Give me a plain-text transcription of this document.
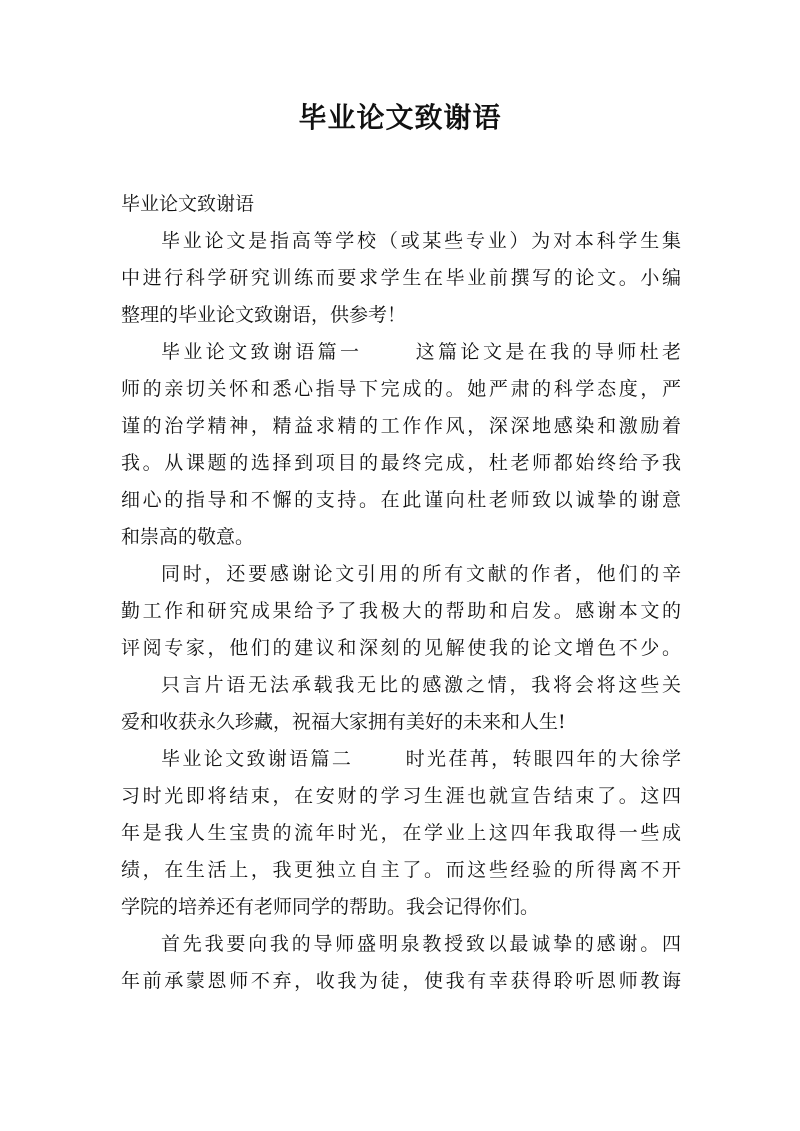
毕业论文致谢语
毕业论文致谢语
毕业论文是指高等学校（或某些专业）为对本科学生集
中进行科学研究训练而要求学生在毕业前撰写的论文。小编
整理的毕业论文致谢语，供参考！
毕业论文致谢语篇一	这篇论文是在我的导师杜老
师的亲切关怀和悉心指导下完成的。她严肃的科学态度，严
谨的治学精神，精益求精的工作作风，深深地感染和激励着
我。从课题的选择到项目的最终完成，杜老师都始终给予我
细心的指导和不懈的支持。在此谨向杜老师致以诚挚的谢意
和崇高的敬意。
同时，还要感谢论文引用的所有文献的作者，他们的辛
勤工作和研究成果给予了我极大的帮助和启发。感谢本文的
评阅专家，他们的建议和深刻的见解使我的论文增色不少。
只言片语无法承载我无比的感激之情，我将会将这些关
爱和收获永久珍藏，祝福大家拥有美好的未来和人生!
毕业论文致谢语篇二	时光荏苒，转眼四年的大徐学
习时光即将结束，在安财的学习生涯也就宣告结束了。这四
年是我人生宝贵的流年时光，在学业上这四年我取得一些成
绩，在生活上，我更独立自主了。而这些经验的所得离不开
学院的培养还有老师同学的帮助。我会记得你们。
首先我要向我的导师盛明泉教授致以最诚挚的感谢。四
年前承蒙恩师不弃，收我为徒，使我有幸获得聆听恩师教诲
